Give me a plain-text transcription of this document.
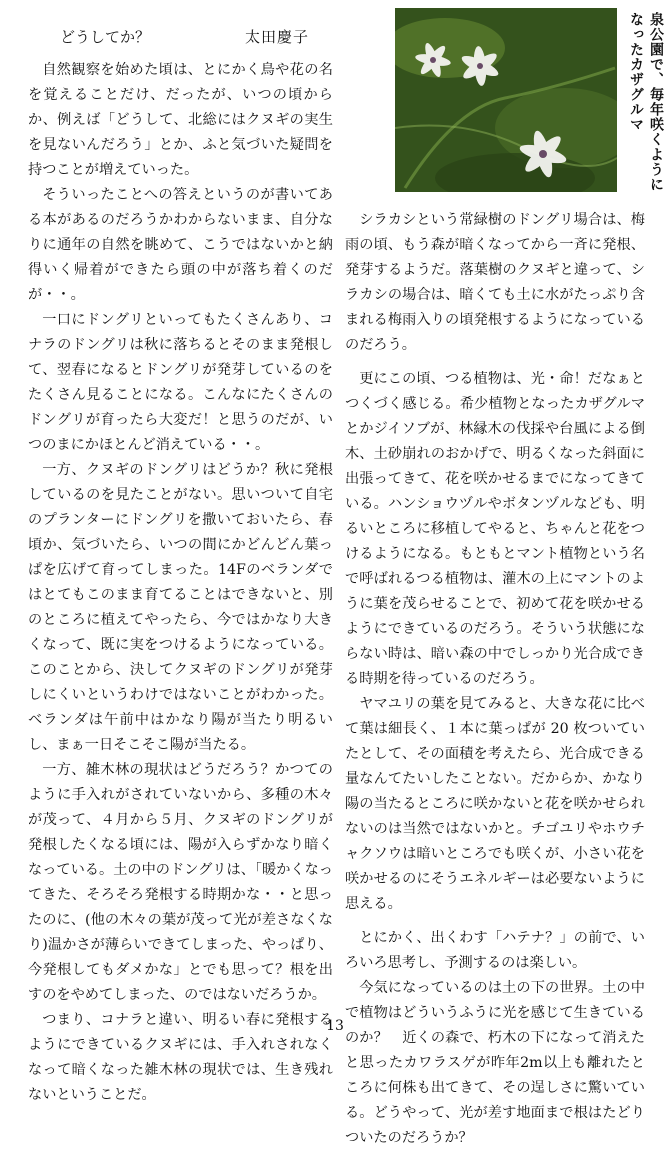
どうしてか？	太田慶子

自然観察を始めた頃は、とにかく鳥や花の名を覚えることだけ、だったが、いつの頃からか、例えば「どうして、北総にはクヌギの実生を見ないんだろう」とか、ふと気づいた疑問を持つことが増えていった。

そういったことへの答えというのが書いてある本があるのだろうかわからないまま、自分なりに通年の自然を眺めて、こうではないかと納得いく帰着ができたら頭の中が落ち着くのだが・・。

一口にドングリといってもたくさんあり、コナラのドングリは秋に落ちるとそのまま発根して、翌春になるとドングリが発芽しているのをたくさん見ることになる。こんなにたくさんのドングリが育ったら大変だ！と思うのだが、いつのまにかほとんど消えている・・。

一方、クヌギのドングリはどうか？秋に発根しているのを見たことがない。思いついて自宅のプランターにドングリを撒いておいたら、春頃か、気づいたら、いつの間にかどんどん葉っぱを広げて育ってしまった。14Fのベランダではとてもこのまま育てることはできないと、別のところに植えてやったら、今ではかなり大きくなって、既に実をつけるようになっている。このことから、決してクヌギのドングリが発芽しにくいというわけではないことがわかった。ベランダは午前中はかなり陽が当たり明るいし、まぁ一日そこそこ陽が当たる。

一方、雑木林の現状はどうだろう？かつてのように手入れがされていないから、多種の木々が茂って、４月から５月、クヌギのドングリが発根したくなる頃には、陽が入らずかなり暗くなっている。土の中のドングリは、「暖かくなってきた、そろそろ発根する時期かな・・と思ったのに、(他の木々の葉が茂って光が差さなくなり)温かさが薄らいできてしまった、やっぱり、今発根してもダメかな」とでも思って？根を出すのをやめてしまった、のではないだろうか。

つまり、コナラと違い、明るい春に発根するようにできているクヌギには、手入れされなくなって暗くなった雑木林の現状では、生き残れないということだ。

泉公園で、毎年咲くようになったカザグルマ

シラカシという常緑樹のドングリ場合は、梅雨の頃、もう森が暗くなってから一斉に発根、発芽するようだ。落葉樹のクヌギと違って、シラカシの場合は、暗くても土に水がたっぷり含まれる梅雨入りの頃発根するようになっているのだろう。

更にこの頃、つる植物は、光・命！だなぁとつくづく感じる。希少植物となったカザグルマとかジイソブが、林縁木の伐採や台風による倒木、土砂崩れのおかげで、明るくなった斜面に出張ってきて、花を咲かせるまでになってきている。ハンショウヅルやボタンヅルなども、明るいところに移植してやると、ちゃんと花をつけるようになる。もともとマント植物という名で呼ばれるつる植物は、灌木の上にマントのように葉を茂らせることで、初めて花を咲かせるようにできているのだろう。そういう状態にならない時は、暗い森の中でしっかり光合成できる時期を待っているのだろう。

ヤマユリの葉を見てみると、大きな花に比べて葉は細長く、１本に葉っぱが 20 枚ついていたとして、その面積を考えたら、光合成できる量なんてたいしたことない。だからか、かなり陽の当たるところに咲かないと花を咲かせられないのは当然ではないかと。チゴユリやホウチャクソウは暗いところでも咲くが、小さい花を咲かせるのにそうエネルギーは必要ないように思える。

とにかく、出くわす「ハテナ？」の前で、いろいろ思考し、予測するのは楽しい。

今気になっているのは土の下の世界。土の中で植物はどういうふうに光を感じて生きているのか？　近くの森で、朽木の下になって消えたと思ったカワラスゲが昨年2m以上も離れたところに何株も出てきて、その逞しさに驚いている。どうやって、光が差す地面まで根はたどりついたのだろうか？

13
